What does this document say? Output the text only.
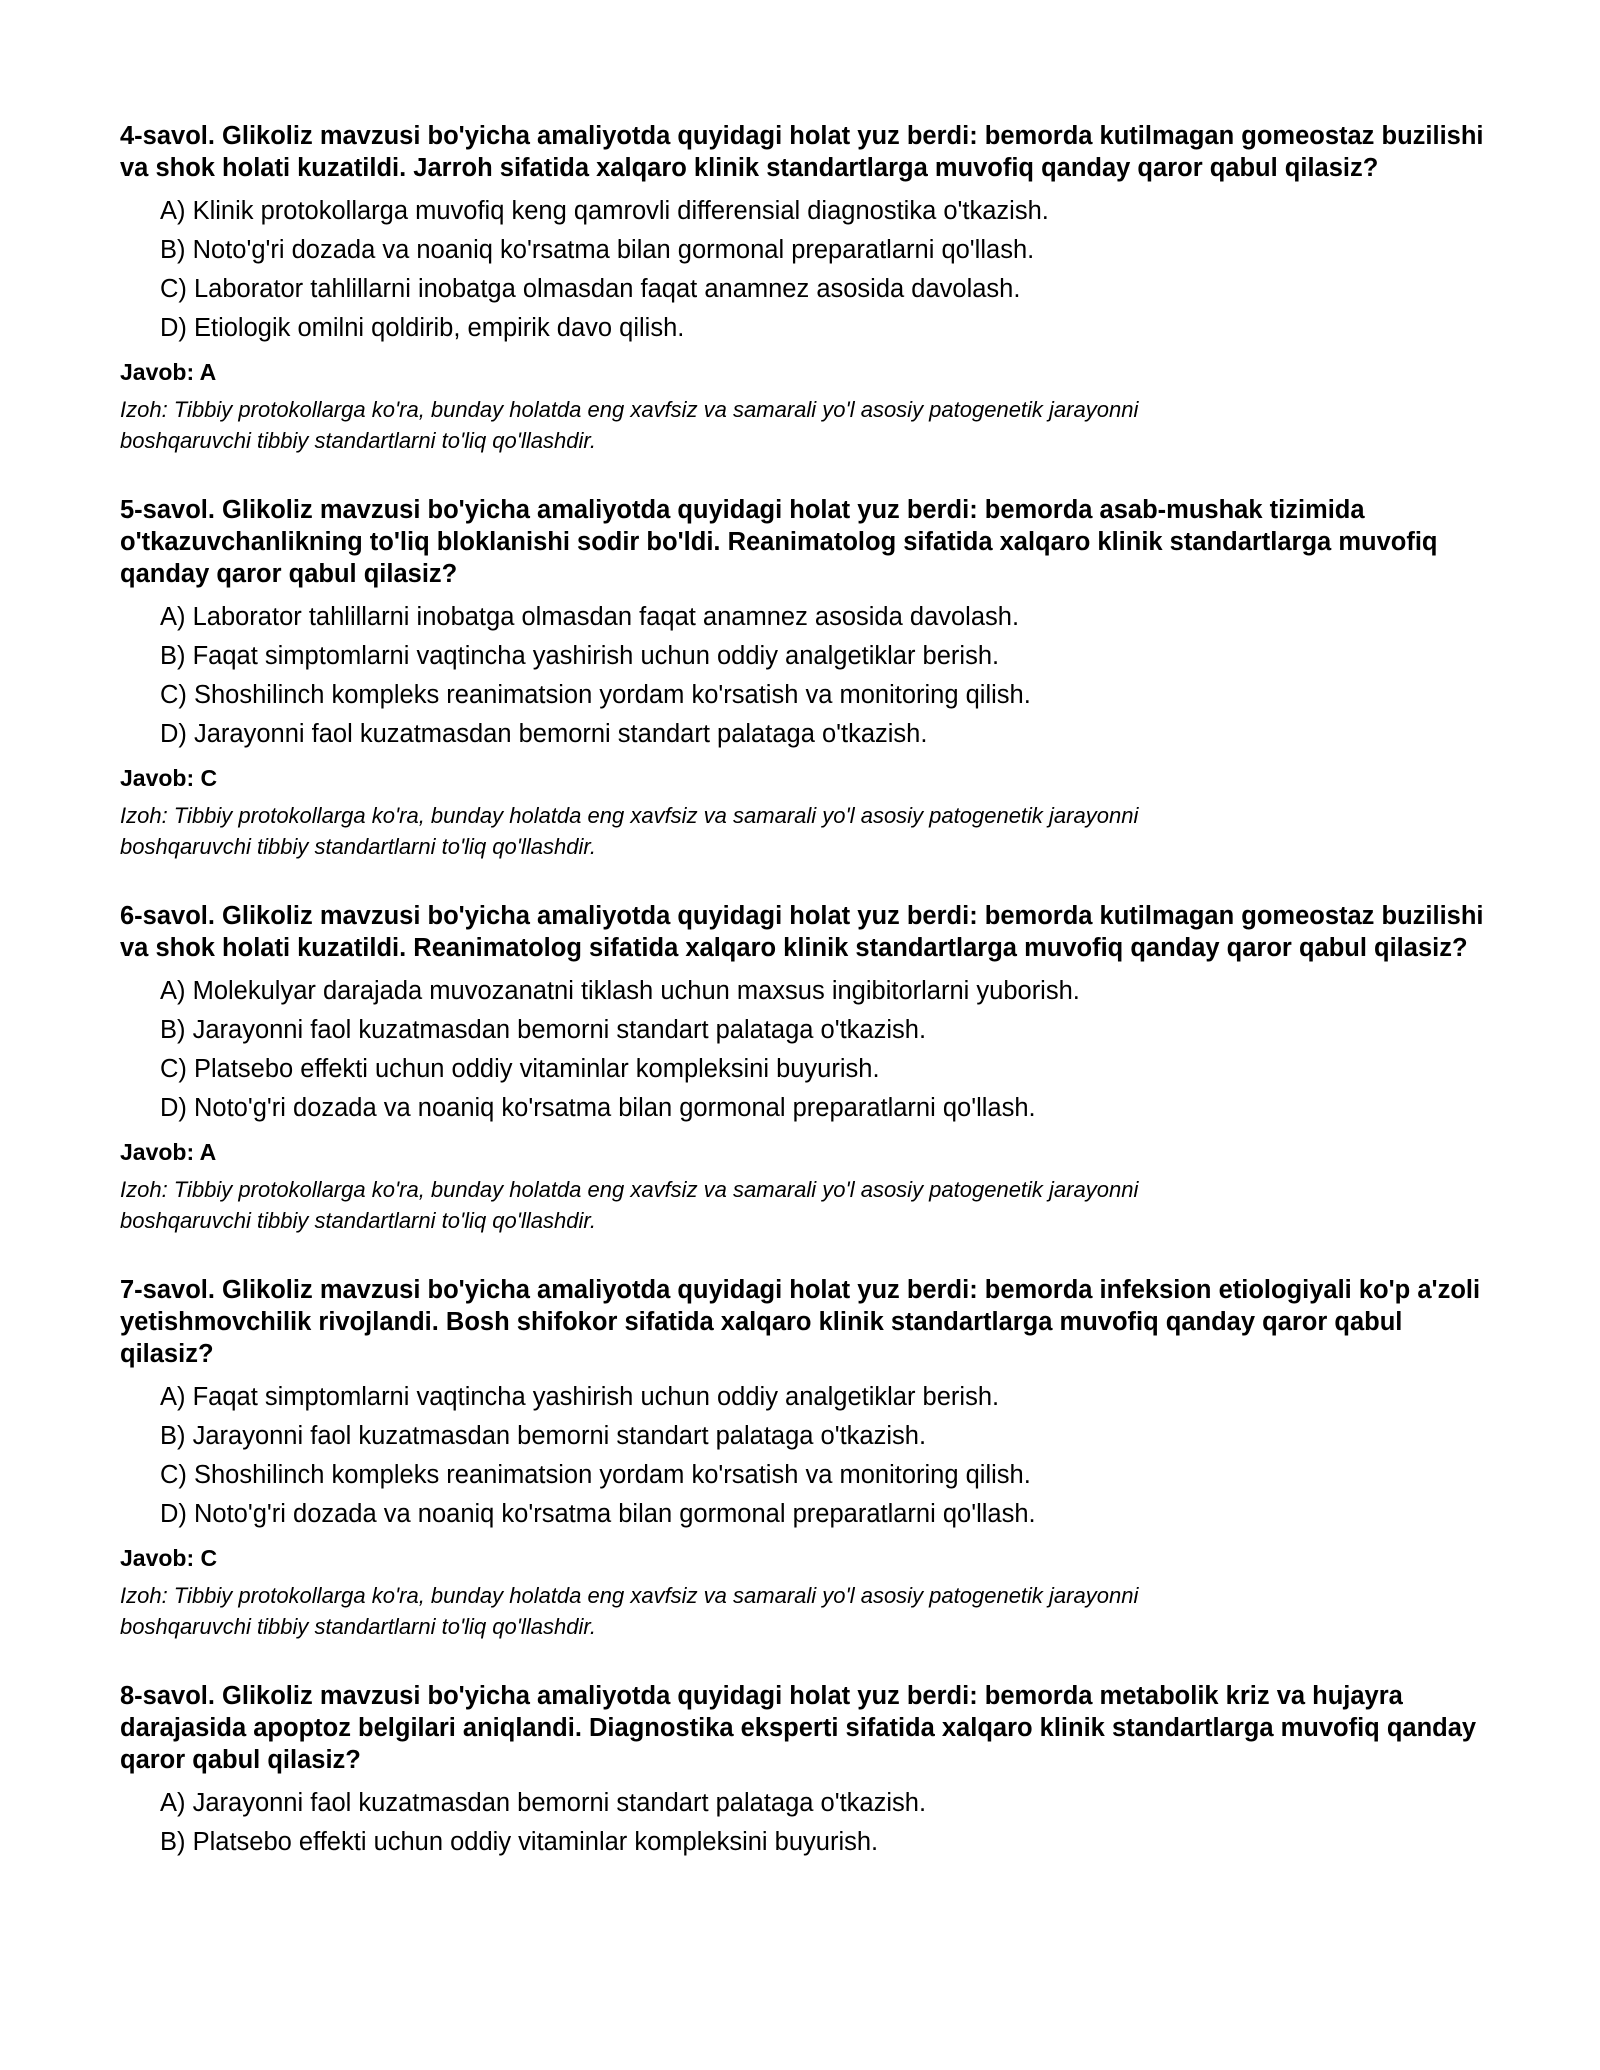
4-savol. Glikoliz mavzusi bo'yicha amaliyotda quyidagi holat yuz berdi: bemorda kutilmagan gomeostaz buzilishi va shok holati kuzatildi. Jarroh sifatida xalqaro klinik standartlarga muvofiq qanday qaror qabul qilasiz?

A) Klinik protokollarga muvofiq keng qamrovli differensial diagnostika o'tkazish.
B) Noto'g'ri dozada va noaniq ko'rsatma bilan gormonal preparatlarni qo'llash.
C) Laborator tahlillarni inobatga olmasdan faqat anamnez asosida davolash.
D) Etiologik omilni qoldirib, empirik davo qilish.
Javob: A
Izoh: Tibbiy protokollarga ko'ra, bunday holatda eng xavfsiz va samarali yo'l asosiy patogenetik jarayonni
boshqaruvchi tibbiy standartlarni to'liq qo'llashdir.

5-savol. Glikoliz mavzusi bo'yicha amaliyotda quyidagi holat yuz berdi: bemorda asab-mushak tizimida o'tkazuvchanlikning to'liq bloklanishi sodir bo'ldi. Reanimatolog sifatida xalqaro klinik standartlarga muvofiq qanday qaror qabul qilasiz?

A) Laborator tahlillarni inobatga olmasdan faqat anamnez asosida davolash.
B) Faqat simptomlarni vaqtincha yashirish uchun oddiy analgetiklar berish.
C) Shoshilinch kompleks reanimatsion yordam ko'rsatish va monitoring qilish.
D) Jarayonni faol kuzatmasdan bemorni standart palataga o'tkazish.
Javob: C
Izoh: Tibbiy protokollarga ko'ra, bunday holatda eng xavfsiz va samarali yo'l asosiy patogenetik jarayonni
boshqaruvchi tibbiy standartlarni to'liq qo'llashdir.

6-savol. Glikoliz mavzusi bo'yicha amaliyotda quyidagi holat yuz berdi: bemorda kutilmagan gomeostaz buzilishi va shok holati kuzatildi. Reanimatolog sifatida xalqaro klinik standartlarga muvofiq qanday qaror qabul qilasiz?

A) Molekulyar darajada muvozanatni tiklash uchun maxsus ingibitorlarni yuborish.
B) Jarayonni faol kuzatmasdan bemorni standart palataga o'tkazish.
C) Platsebo effekti uchun oddiy vitaminlar kompleksini buyurish.
D) Noto'g'ri dozada va noaniq ko'rsatma bilan gormonal preparatlarni qo'llash.
Javob: A
Izoh: Tibbiy protokollarga ko'ra, bunday holatda eng xavfsiz va samarali yo'l asosiy patogenetik jarayonni
boshqaruvchi tibbiy standartlarni to'liq qo'llashdir.

7-savol. Glikoliz mavzusi bo'yicha amaliyotda quyidagi holat yuz berdi: bemorda infeksion etiologiyali ko'p a'zoli yetishmovchilik rivojlandi. Bosh shifokor sifatida xalqaro klinik standartlarga muvofiq qanday qaror qabul qilasiz?

A) Faqat simptomlarni vaqtincha yashirish uchun oddiy analgetiklar berish.
B) Jarayonni faol kuzatmasdan bemorni standart palataga o'tkazish.
C) Shoshilinch kompleks reanimatsion yordam ko'rsatish va monitoring qilish.
D) Noto'g'ri dozada va noaniq ko'rsatma bilan gormonal preparatlarni qo'llash.
Javob: C
Izoh: Tibbiy protokollarga ko'ra, bunday holatda eng xavfsiz va samarali yo'l asosiy patogenetik jarayonni
boshqaruvchi tibbiy standartlarni to'liq qo'llashdir.

8-savol. Glikoliz mavzusi bo'yicha amaliyotda quyidagi holat yuz berdi: bemorda metabolik kriz va hujayra darajasida apoptoz belgilari aniqlandi. Diagnostika eksperti sifatida xalqaro klinik standartlarga muvofiq qanday qaror qabul qilasiz?

A) Jarayonni faol kuzatmasdan bemorni standart palataga o'tkazish.
B) Platsebo effekti uchun oddiy vitaminlar kompleksini buyurish.
